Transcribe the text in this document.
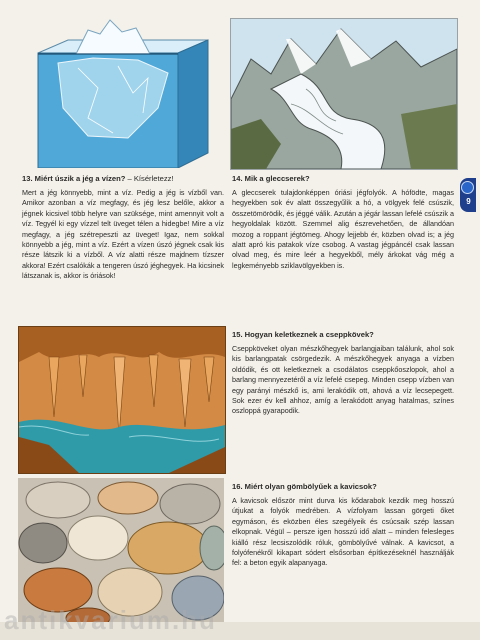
13. Miért úszik a jég a vízen? – Kísérletezz!

Mert a jég könnyebb, mint a víz. Pedig a jég is vízből van. Amikor azonban a víz megfagy, és jég lesz belőle, akkor a jégnek kicsivel több helyre van szüksége, mint amennyit volt a víz. Tegyél ki egy vízzel telt üveget télen a hidegbe! Mire a víz megfagy, a jég szétrepeszti az üveget! Igaz, nem sokkal könnyebb a jég, mint a víz. Ezért a vízen úszó jégnek csak kis része látszik ki a vízből. A víz alatti része majdnem tízszer akkora! Ezért csalókák a tengeren úszó jéghegyek. Ha kicsinek látszanak is, akkor is óriások!

14. Mik a gleccserek?

A gleccserek tulajdonképpen óriási jégfolyók. A hófödte, magas hegyekben sok év alatt összegyűlik a hó, a völgyek felé csúszik, összetömörödik, és jéggé válik. Azután a jégár lassan lefelé csúszik a hegyoldalak között. Szemmel alig észrevehetően, de állandóan mozog a roppant jégtömeg. Ahogy lejjebb ér, közben olvad is; a jég alatt apró kis patakok víze csobog. A vastag jégpáncél csak lassan olvad meg, és mire leér a hegyekből, mély árkokat vág még a legkeményebb sziklavölgyekben is.

9
15. Hogyan keletkeznek a cseppkövek?

Cseppköveket olyan mészkőhegyek barlangjaiban találunk, ahol sok kis barlangpatak csörgedezik. A mészkőhegyek anyaga a vízben oldódik, és ott keletkeznek a csodálatos cseppkőoszlopok, ahol a barlang mennyezetéről a víz lefelé csepeg. Minden csepp vízben van egy parányi mészkő is, ami lerakódik ott, ahová a víz lecsepegett. Sok ezer év kell ahhoz, amíg a lerakódott anyag hatalmas, színes oszloppá gyarapodik.

16. Miért olyan gömbölyűek a kavicsok?

A kavicsok először mint durva kis kődarabok kezdik meg hosszú útjukat a folyók medrében. A vízfolyam lassan görgeti őket egymáson, és eközben éles szegélyeik és csúcsaik szép lassan elkopnak. Végül – persze igen hosszú idő alatt – minden felesleges kiálló rész lecsiszolódik róluk, gömbölyűvé válnak. A kavicsot, a folyófenékről kikapart sódert elsősorban építkezéseknél használják fel: a beton egyik alapanyaga.

antikvarium.hu
